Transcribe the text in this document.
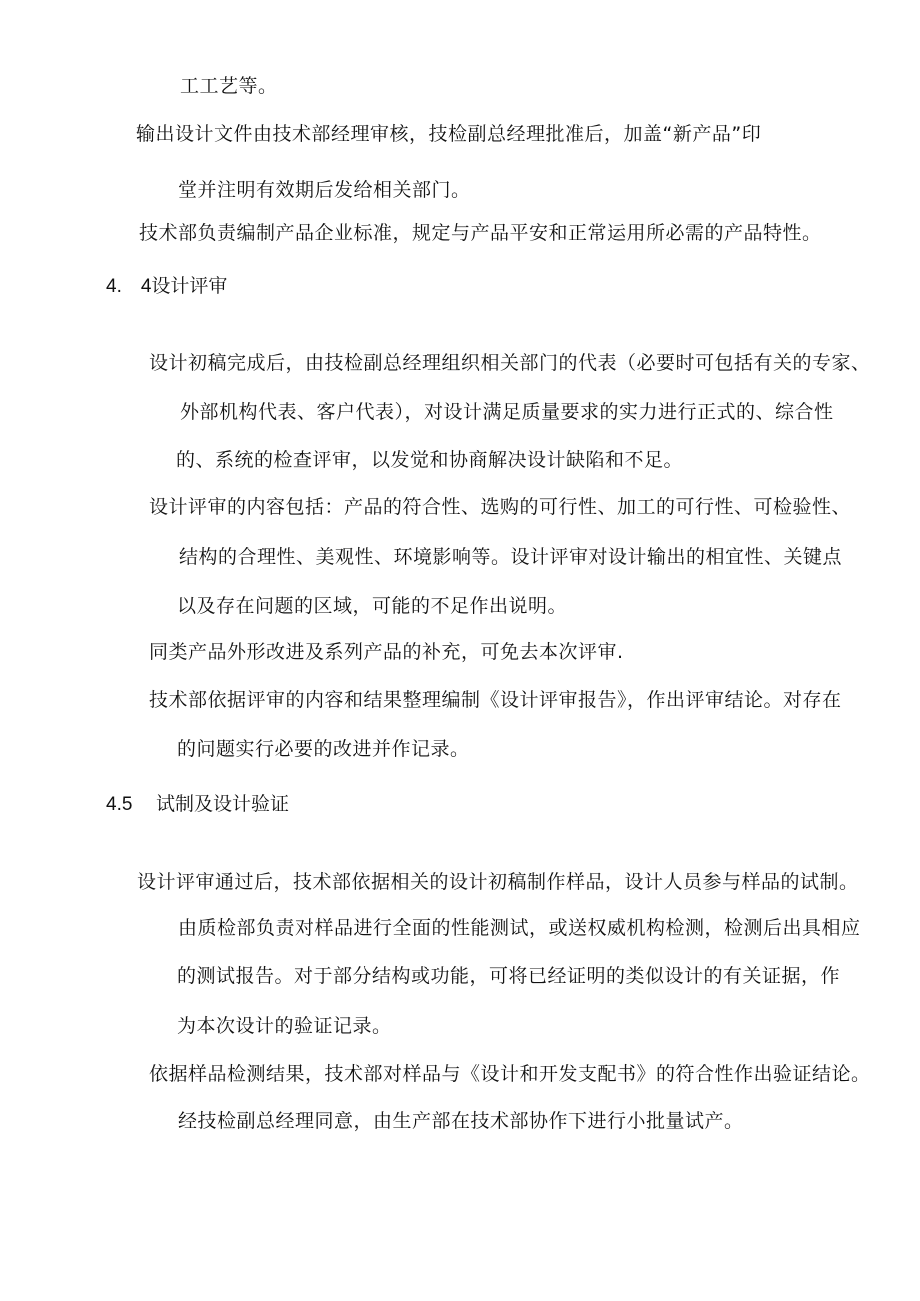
工工艺等。
输出设计文件由技术部经理审核，技检副总经理批准后，加盖“新产品”印
堂并注明有效期后发给相关部门。
技术部负责编制产品企业标准，规定与产品平安和正常运用所必需的产品特性。
4.　4设计评审
设计初稿完成后，由技检副总经理组织相关部门的代表（必要时可包括有关的专家、
外部机构代表、客户代表），对设计满足质量要求的实力进行正式的、综合性
的、系统的检查评审，以发觉和协商解决设计缺陷和不足。
设计评审的内容包括：产品的符合性、选购的可行性、加工的可行性、可检验性、
结构的合理性、美观性、环境影响等。设计评审对设计输出的相宜性、关键点
以及存在问题的区域，可能的不足作出说明。
同类产品外形改进及系列产品的补充，可免去本次评审.
技术部依据评审的内容和结果整理编制《设计评审报告》，作出评审结论。对存在
的问题实行必要的改进并作记录。
4.5 试制及设计验证
设计评审通过后，技术部依据相关的设计初稿制作样品，设计人员参与样品的试制。
由质检部负责对样品进行全面的性能测试，或送权威机构检测，检测后出具相应
的测试报告。对于部分结构或功能，可将已经证明的类似设计的有关证据，作
为本次设计的验证记录。
依据样品检测结果，技术部对样品与《设计和开发支配书》的符合性作出验证结论。
经技检副总经理同意，由生产部在技术部协作下进行小批量试产。
